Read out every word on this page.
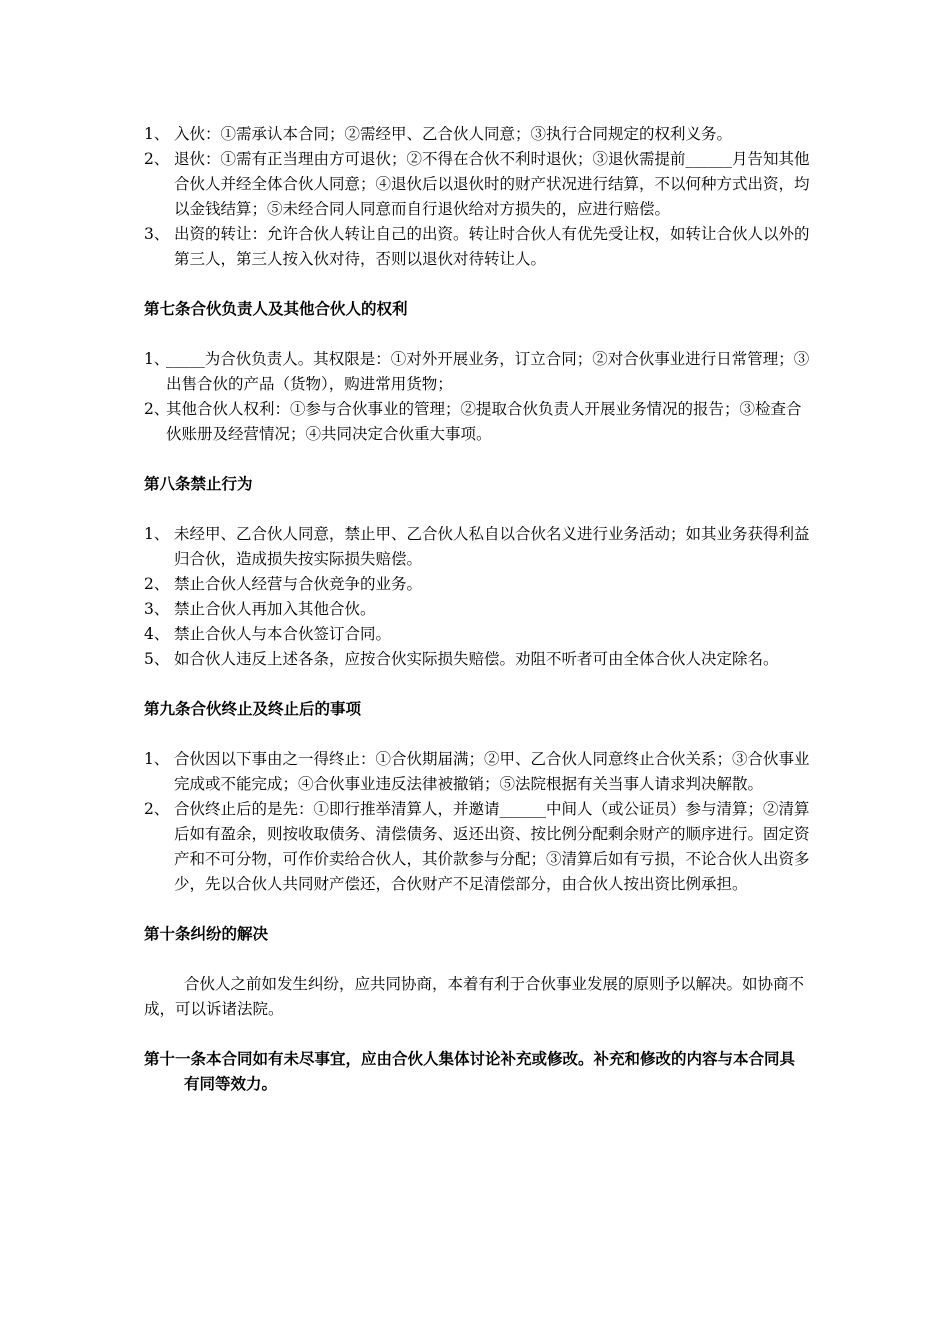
1、 入伙：①需承认本合同；②需经甲、乙合伙人同意；③执行合同规定的权利义务。

2、 退伙：①需有正当理由方可退伙；②不得在合伙不利时退伙；③退伙需提前______月告知其他合伙人并经全体合伙人同意；④退伙后以退伙时的财产状况进行结算，不以何种方式出资，均以金钱结算；⑤未经合同人同意而自行退伙给对方损失的，应进行赔偿。

3、 出资的转让：允许合伙人转让自己的出资。转让时合伙人有优先受让权，如转让合伙人以外的第三人，第三人按入伙对待，否则以退伙对待转让人。

第七条合伙负责人及其他合伙人的权利

1、
_____为合伙负责人。其权限是：①对外开展业务，订立合同；②对合伙事业进行日常管理；③出售合伙的产品（货物），购进常用货物；

2、
其他合伙人权利：①参与合伙事业的管理；②提取合伙负责人开展业务情况的报告；③检查合伙账册及经营情况；④共同决定合伙重大事项。

第八条禁止行为

1、 未经甲、乙合伙人同意，禁止甲、乙合伙人私自以合伙名义进行业务活动；如其业务获得利益归合伙，造成损失按实际损失赔偿。

2、 禁止合伙人经营与合伙竞争的业务。

3、 禁止合伙人再加入其他合伙。

4、 禁止合伙人与本合伙签订合同。

5、 如合伙人违反上述各条，应按合伙实际损失赔偿。劝阻不听者可由全体合伙人决定除名。

第九条合伙终止及终止后的事项

1、 合伙因以下事由之一得终止：①合伙期届满；②甲、乙合伙人同意终止合伙关系；③合伙事业完成或不能完成；④合伙事业违反法律被撤销；⑤法院根据有关当事人请求判决解散。

2、 合伙终止后的是先：①即行推举清算人，并邀请______中间人（或公证员）参与清算；②清算后如有盈余，则按收取债务、清偿债务、返还出资、按比例分配剩余财产的顺序进行。固定资产和不可分物，可作价卖给合伙人，其价款参与分配；③清算后如有亏损，不论合伙人出资多少，先以合伙人共同财产偿还，合伙财产不足清偿部分，由合伙人按出资比例承担。

第十条纠纷的解决

合伙人之前如发生纠纷，应共同协商，本着有利于合伙事业发展的原则予以解决。如协商不成，可以诉诸法院。

第十一条本合同如有未尽事宜，应由合伙人集体讨论补充或修改。补充和修改的内容与本合同具有同等效力。
